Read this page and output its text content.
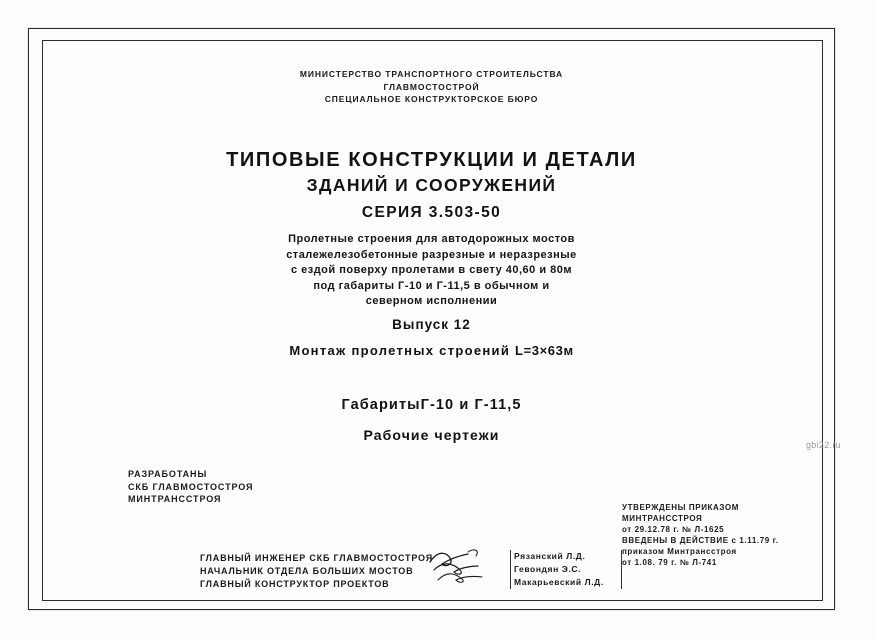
МИНИСТЕРСТВО ТРАНСПОРТНОГО СТРОИТЕЛЬСТВА
ГЛАВМОСТОСТРОЙ
СПЕЦИАЛЬНОЕ КОНСТРУКТОРСКОЕ БЮРО
ТИПОВЫЕ КОНСТРУКЦИИ И ДЕТАЛИ
ЗДАНИЙ И СООРУЖЕНИЙ
СЕРИЯ 3.503-50
Пролетные строения для автодорожных мостов
сталежелезобетонные разрезные и неразрезные
с ездой поверху пролетами в свету 40,60 и 80м
под габариты Г-10 и Г-11,5 в обычном и
северном исполнении
Выпуск 12
Монтаж пролетных строений L=3×63м
ГабаритыГ-10 и Г-11,5
Рабочие чертежи
РАЗРАБОТАНЫ
СКБ ГЛАВМОСТОСТРОЯ
МИНТРАНССТРОЯ
УТВЕРЖДЕНЫ ПРИКАЗОМ МИНТРАНССТРОЯ
от 29.12.78 г. № Л-1625
ВВЕДЕНЫ В ДЕЙСТВИЕ с 1.11.79 г.
приказом Минтрансстроя
от 1.08. 79 г. № Л-741
ГЛАВНЫЙ ИНЖЕНЕР СКБ ГЛАВМОСТОСТРОЯ
НАЧАЛЬНИК ОТДЕЛА БОЛЬШИХ МОСТОВ
ГЛАВНЫЙ КОНСТРУКТОР ПРОЕКТОВ
Рязанский Л.Д.
Гевондян Э.С.
Макарьевский Л.Д.
gbi22.ru
